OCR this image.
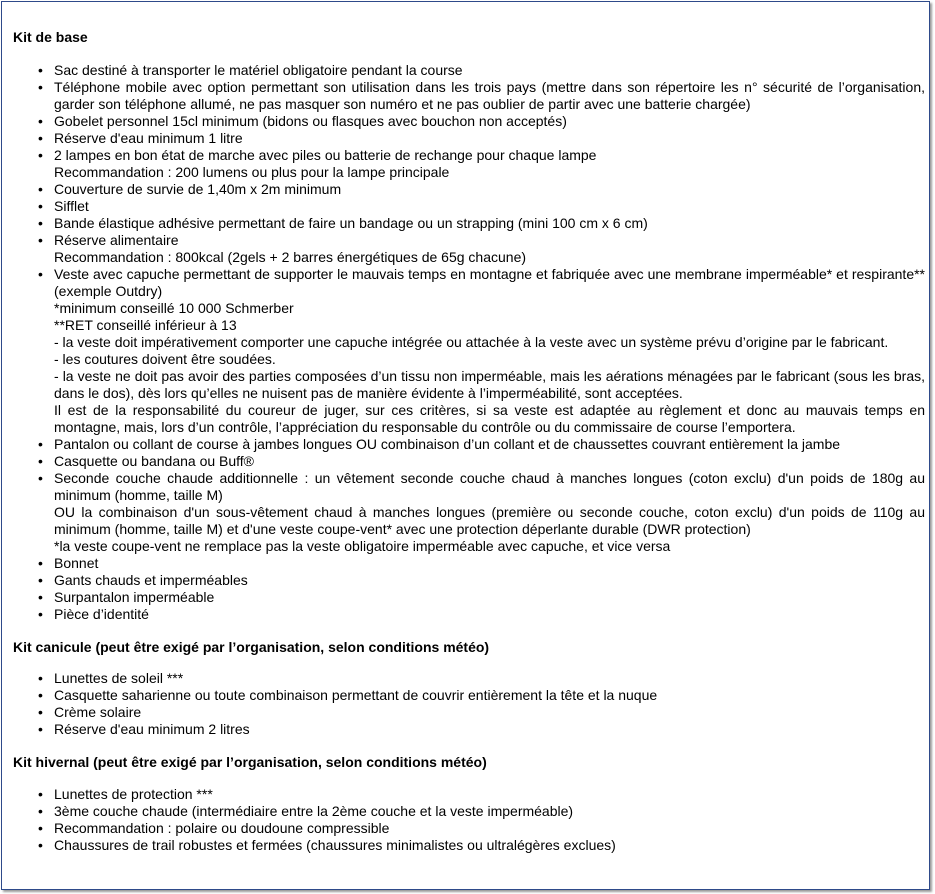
Kit de base
• Sac destiné à transporter le matériel obligatoire pendant la course
• Téléphone mobile avec option permettant son utilisation dans les trois pays (mettre dans son répertoire les n° sécurité de l’organisation, garder son téléphone allumé, ne pas masquer son numéro et ne pas oublier de partir avec une batterie chargée)
• Gobelet personnel 15cl minimum (bidons ou flasques avec bouchon non acceptés)
• Réserve d'eau minimum 1 litre
• 2 lampes en bon état de marche avec piles ou batterie de rechange pour chaque lampe
Recommandation : 200 lumens ou plus pour la lampe principale
• Couverture de survie de 1,40m x 2m minimum
• Sifflet
• Bande élastique adhésive permettant de faire un bandage ou un strapping (mini 100 cm x 6 cm)
• Réserve alimentaire
Recommandation : 800kcal (2gels + 2 barres énergétiques de 65g chacune)
• Veste avec capuche permettant de supporter le mauvais temps en montagne et fabriquée avec une membrane imperméable* et respirante** (exemple Outdry)
*minimum conseillé 10 000 Schmerber
**RET conseillé inférieur à 13
- la veste doit impérativement comporter une capuche intégrée ou attachée à la veste avec un système prévu d’origine par le fabricant.
- les coutures doivent être soudées.
- la veste ne doit pas avoir des parties composées d’un tissu non imperméable, mais les aérations ménagées par le fabricant (sous les bras, dans le dos), dès lors qu’elles ne nuisent pas de manière évidente à l’imperméabilité, sont acceptées.
Il est de la responsabilité du coureur de juger, sur ces critères, si sa veste est adaptée au règlement et donc au mauvais temps en montagne, mais, lors d’un contrôle, l’appréciation du responsable du contrôle ou du commissaire de course l’emportera.
• Pantalon ou collant de course à jambes longues OU combinaison d’un collant et de chaussettes couvrant entièrement la jambe
• Casquette ou bandana ou Buff®
• Seconde couche chaude additionnelle : un vêtement seconde couche chaud à manches longues (coton exclu) d'un poids de 180g au minimum (homme, taille M)
OU la combinaison d'un sous-vêtement chaud à manches longues (première ou seconde couche, coton exclu) d'un poids de 110g au minimum (homme, taille M) et d'une veste coupe-vent* avec une protection déperlante durable (DWR protection)
*la veste coupe-vent ne remplace pas la veste obligatoire imperméable avec capuche, et vice versa
• Bonnet
• Gants chauds et imperméables
• Surpantalon imperméable
• Pièce d’identité
Kit canicule (peut être exigé par l’organisation, selon conditions météo)
• Lunettes de soleil ***
• Casquette saharienne ou toute combinaison permettant de couvrir entièrement la tête et la nuque
• Crème solaire
• Réserve d'eau minimum 2 litres
Kit hivernal (peut être exigé par l’organisation, selon conditions météo)
• Lunettes de protection ***
• 3ème couche chaude (intermédiaire entre la 2ème couche et la veste imperméable)
• Recommandation : polaire ou doudoune compressible
• Chaussures de trail robustes et fermées (chaussures minimalistes ou ultralégères exclues)
